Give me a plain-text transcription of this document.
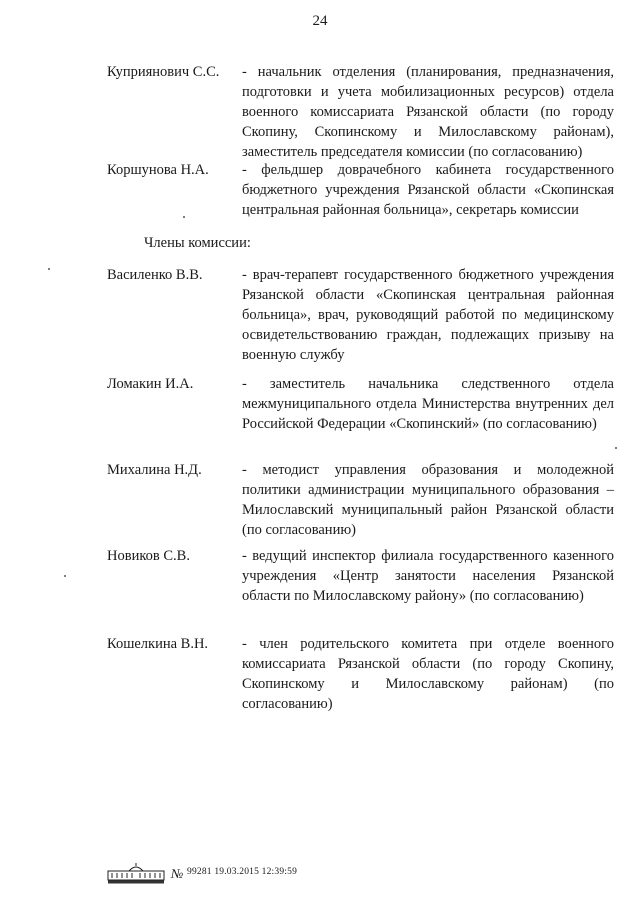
24
Куприянович С.С. - начальник отделения (планирования, предназначения, подготовки и учета мобилизационных ресурсов) отдела военного комиссариата Рязанской области (по городу Скопину, Скопинскому и Милославскому районам), заместитель председателя комиссии (по согласованию)
Коршунова Н.А. - фельдшер доврачебного кабинета государственного бюджетного учреждения Рязанской области «Скопинская центральная районная больница», секретарь комиссии
Члены комиссии:
Василенко В.В.	- врач-терапевт государственного бюджетного учреждения Рязанской области «Скопинская центральная районная больница», врач, руководящий работой по медицинскому освидетельствованию граждан, подлежащих призыву на военную службу
Ломакин И.А.	- заместитель начальника следственного отдела межмуниципального отдела Министерства внутренних дел Российской Федерации «Скопинский» (по согласованию)
Михалина Н.Д.	- методист управления образования и молодежной политики администрации муниципального образования – Милославский муниципальный район Рязанской области (по согласованию)
Новиков С.В.	- ведущий инспектор филиала государственного казенного учреждения «Центр занятости населения Рязанской области по Милославскому району» (по согласованию)
Кошелкина В.Н. - член родительского комитета при отделе военного комиссариата Рязанской области (по городу Скопину, Скопинскому и Милославскому районам) (по согласованию)
№ 99281 19.03.2015 12:39:59
